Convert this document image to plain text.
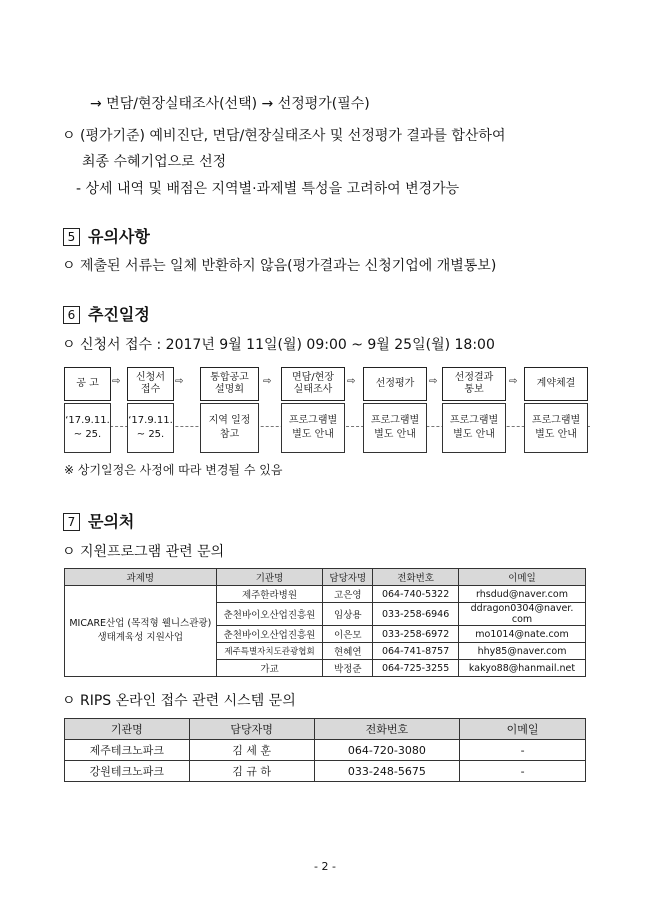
→ 면담/현장실태조사(선택) → 선정평가(필수)
ㅇ (평가기준) 예비진단, 면담/현장실태조사 및 선정평가 결과를 합산하여
최종 수혜기업으로 선정
- 상세 내역 및 배점은 지역별·과제별 특성을 고려하여 변경가능
5 유의사항
ㅇ 제출된 서류는 일체 반환하지 않음(평가결과는 신청기업에 개별통보)
6 추진일정
ㅇ 신청서 접수 : 2017년 9월 11일(월) 09:00 ~ 9월 25일(월) 18:00
공 고	⇨	신청서
접수
⇨	통합공고
설명회
⇨	면담/현장
실태조사
⇨	선정평가	⇨	선정결과
통보
⇨	계약체결
‘17.9.11.
~ 25.
‘17.9.11.
~ 25.
지역 일정
참고
프로그램별
별도 안내
프로그램별
별도 안내
프로그램별
별도 안내
프로그램별
별도 안내
※ 상기일정은 사정에 따라 변경될 수 있음
7 문의처
ㅇ 지원프로그램 관련 문의
과제명	기관명	담당자명	전화번호	이메일
MICARE산업 (목적형 웰니스관광)
생태계육성 지원사업	제주한라병원	고은영	064-740-5322	rhsdud@naver.com
	춘천바이오산업진흥원	임상용	033-258-6946	ddragon0304@naver. com
	춘천바이오산업진흥원	이은모	033-258-6972	mo1014@nate.com
	제주특별자치도관광협회	현혜연	064-741-8757	hhy85@naver.com
	가교	박정준	064-725-3255	kakyo88@hanmail.net
ㅇ RIPS 온라인 접수 관련 시스템 문의
기관명	담당자명	전화번호	이메일
제주테크노파크	김 세 훈	064-720-3080	-
강원테크노파크	김 규 하	033-248-5675	-
- 2 -
